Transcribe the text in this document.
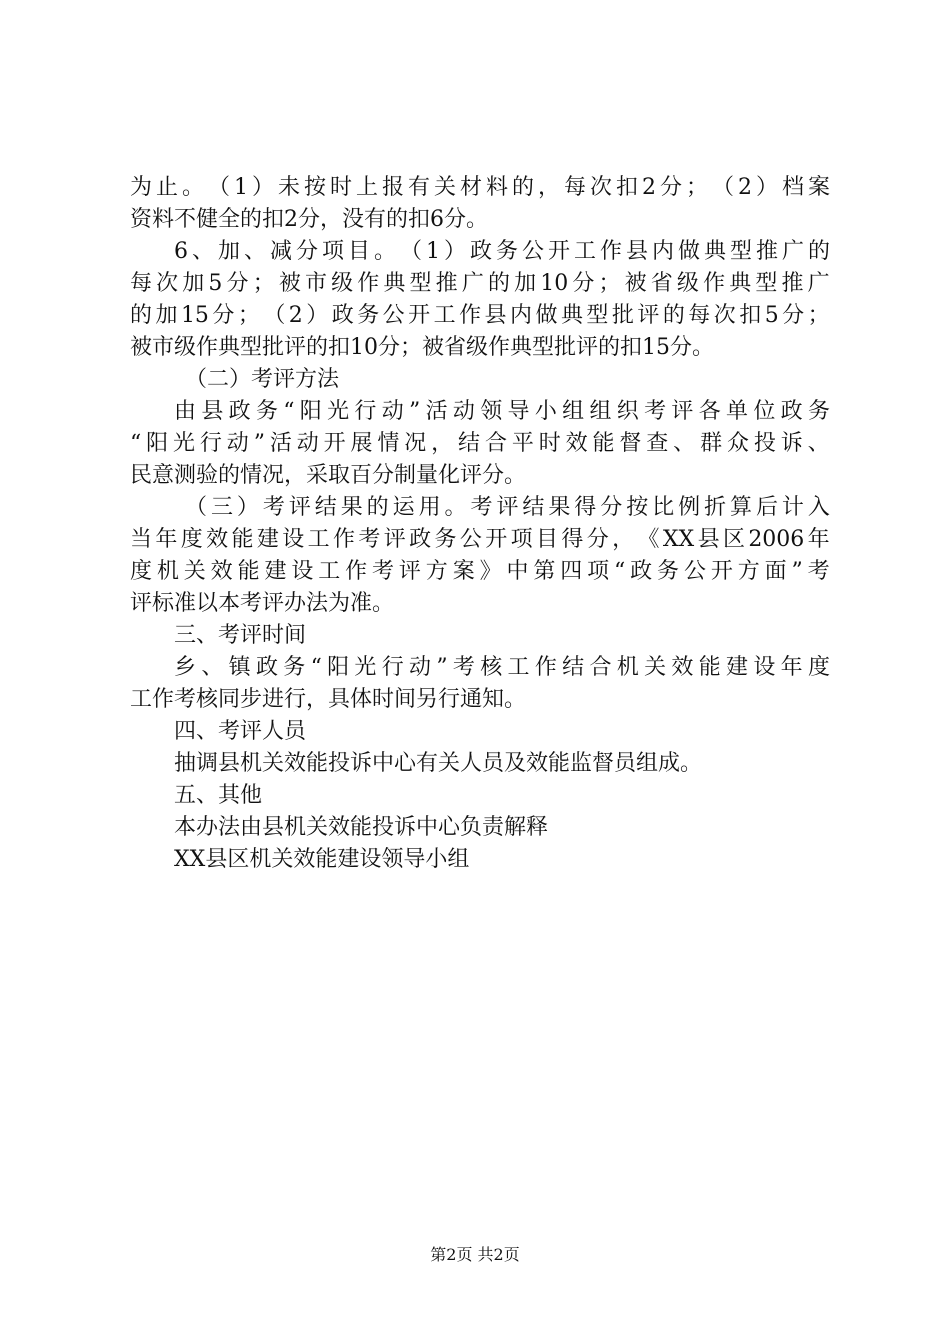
为 止 。 （ 1 ） 未 按 时 上 报 有 关 材 料 的 ， 每 次 扣 2 分 ； （ 2 ） 档 案
资料不健全的扣2分，没有的扣6分。
6 、 加 、 减 分 项 目 。 （ 1 ） 政 务 公 开 工 作 县 内 做 典 型 推 广 的
每 次 加 5 分 ； 被 市 级 作 典 型 推 广 的 加 10 分 ； 被 省 级 作 典 型 推 广
的 加 15 分 ； （ 2 ） 政 务 公 开 工 作 县 内 做 典 型 批 评 的 每 次 扣 5 分 ；
被市级作典型批评的扣10分；被省级作典型批评的扣15分。
（二）考评方法
由 县 政 务 “ 阳 光 行 动 ” 活 动 领 导 小 组 组 织 考 评 各 单 位 政 务
“ 阳 光 行 动 ” 活 动 开 展 情 况 ， 结 合 平 时 效 能 督 查 、 群 众 投 诉 、
民意测验的情况，采取百分制量化评分。
（ 三 ） 考 评 结 果 的 运 用 。 考 评 结 果 得 分 按 比 例 折 算 后 计 入
当 年 度 效 能 建 设 工 作 考 评 政 务 公 开 项 目 得 分 ， 《 XX 县 区 2006 年
度 机 关 效 能 建 设 工 作 考 评 方 案 》 中 第 四 项 “ 政 务 公 开 方 面 ” 考
评标准以本考评办法为准。
三、考评时间
乡 、 镇 政 务 “ 阳 光 行 动 ” 考 核 工 作 结 合 机 关 效 能 建 设 年 度
工作考核同步进行，具体时间另行通知。
四、考评人员
抽调县机关效能投诉中心有关人员及效能监督员组成。
五、其他
本办法由县机关效能投诉中心负责解释
XX县区机关效能建设领导小组
第2页 共2页
